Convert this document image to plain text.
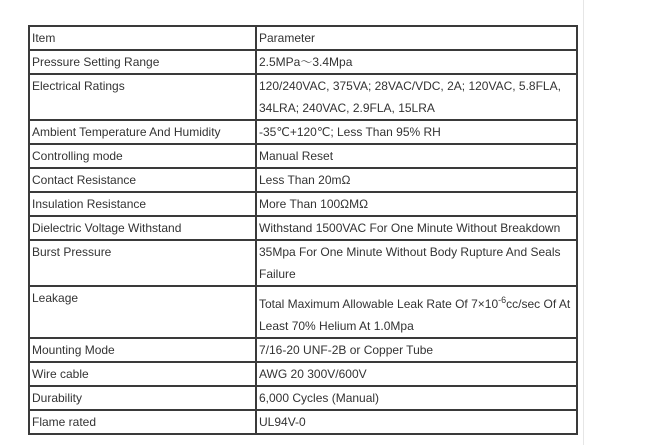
Item	Parameter
Pressure Setting Range	2.5MPa～3.4Mpa
Electrical Ratings	120/240VAC, 375VA; 28VAC/VDC, 2A; 120VAC, 5.8FLA, 34LRA; 240VAC, 2.9FLA, 15LRA
Ambient Temperature And Humidity	-35℃+120℃; Less Than 95% RH
Controlling mode	Manual Reset
Contact Resistance	Less Than 20mΩ
Insulation Resistance	More Than 100ΩMΩ
Dielectric Voltage Withstand	Withstand 1500VAC For One Minute Without Breakdown
Burst Pressure	35Mpa For One Minute Without Body Rupture And Seals Failure
Leakage	Total Maximum Allowable Leak Rate Of $7\times 10^{-6}cc/\sec$ Of At Least 70% Helium At 1.0Mpa
Mounting Mode	7/16-20 UNF-2B or Copper Tube
Wire cable	AWG 20 300V/600V
Durability	6,000 Cycles (Manual)
Flame rated	UL94V-0
